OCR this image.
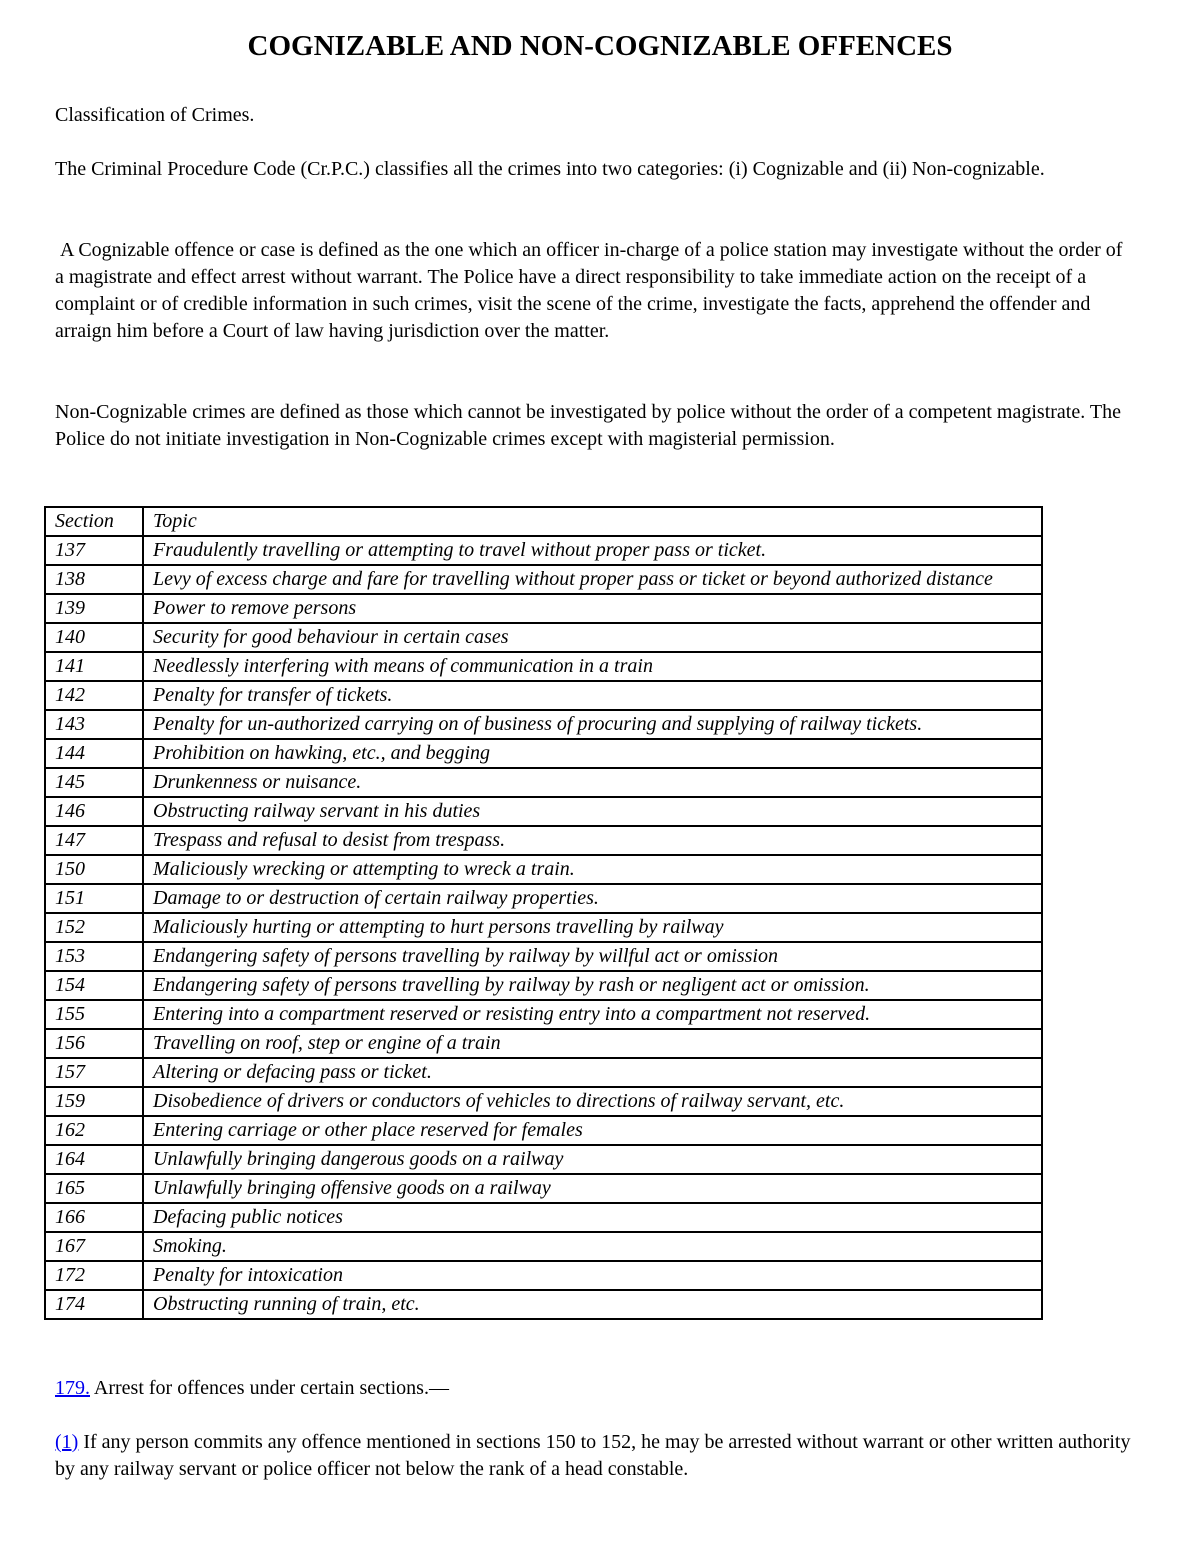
COGNIZABLE AND NON-COGNIZABLE OFFENCES

Classification of Crimes.

The Criminal Procedure Code (Cr.P.C.) classifies all the crimes into two categories: (i) Cognizable and (ii) Non-cognizable.

A Cognizable offence or case is defined as the one which an officer in-charge of a police station may investigate without the order of a magistrate and effect arrest without warrant. The Police have a direct responsibility to take immediate action on the receipt of a complaint or of credible information in such crimes, visit the scene of the crime, investigate the facts, apprehend the offender and arraign him before a Court of law having jurisdiction over the matter.

Non-Cognizable crimes are defined as those which cannot be investigated by police without the order of a competent magistrate. The Police do not initiate investigation in Non-Cognizable crimes except with magisterial permission.

Section	Topic
137	Fraudulently travelling or attempting to travel without proper pass or ticket.
138	Levy of excess charge and fare for travelling without proper pass or ticket or beyond authorized distance
139	Power to remove persons
140	Security for good behaviour in certain cases
141	Needlessly interfering with means of communication in a train
142	Penalty for transfer of tickets.
143	Penalty for un-authorized carrying on of business of procuring and supplying of railway tickets.
144	Prohibition on hawking, etc., and begging
145	Drunkenness or nuisance.
146	Obstructing railway servant in his duties
147	Trespass and refusal to desist from trespass.
150	Maliciously wrecking or attempting to wreck a train.
151	Damage to or destruction of certain railway properties.
152	Maliciously hurting or attempting to hurt persons travelling by railway
153	Endangering safety of persons travelling by railway by willful act or omission
154	Endangering safety of persons travelling by railway by rash or negligent act or omission.
155	Entering into a compartment reserved or resisting entry into a compartment not reserved.
156	Travelling on roof, step or engine of a train
157	Altering or defacing pass or ticket.
159	Disobedience of drivers or conductors of vehicles to directions of railway servant, etc.
162	Entering carriage or other place reserved for females
164	Unlawfully bringing dangerous goods on a railway
165	Unlawfully bringing offensive goods on a railway
166	Defacing public notices
167	Smoking.
172	Penalty for intoxication
174	Obstructing running of train, etc.

179. Arrest for offences under certain sections.—

(1) If any person commits any offence mentioned in sections 150 to 152, he may be arrested without warrant or other written authority by any railway servant or police officer not below the rank of a head constable.
